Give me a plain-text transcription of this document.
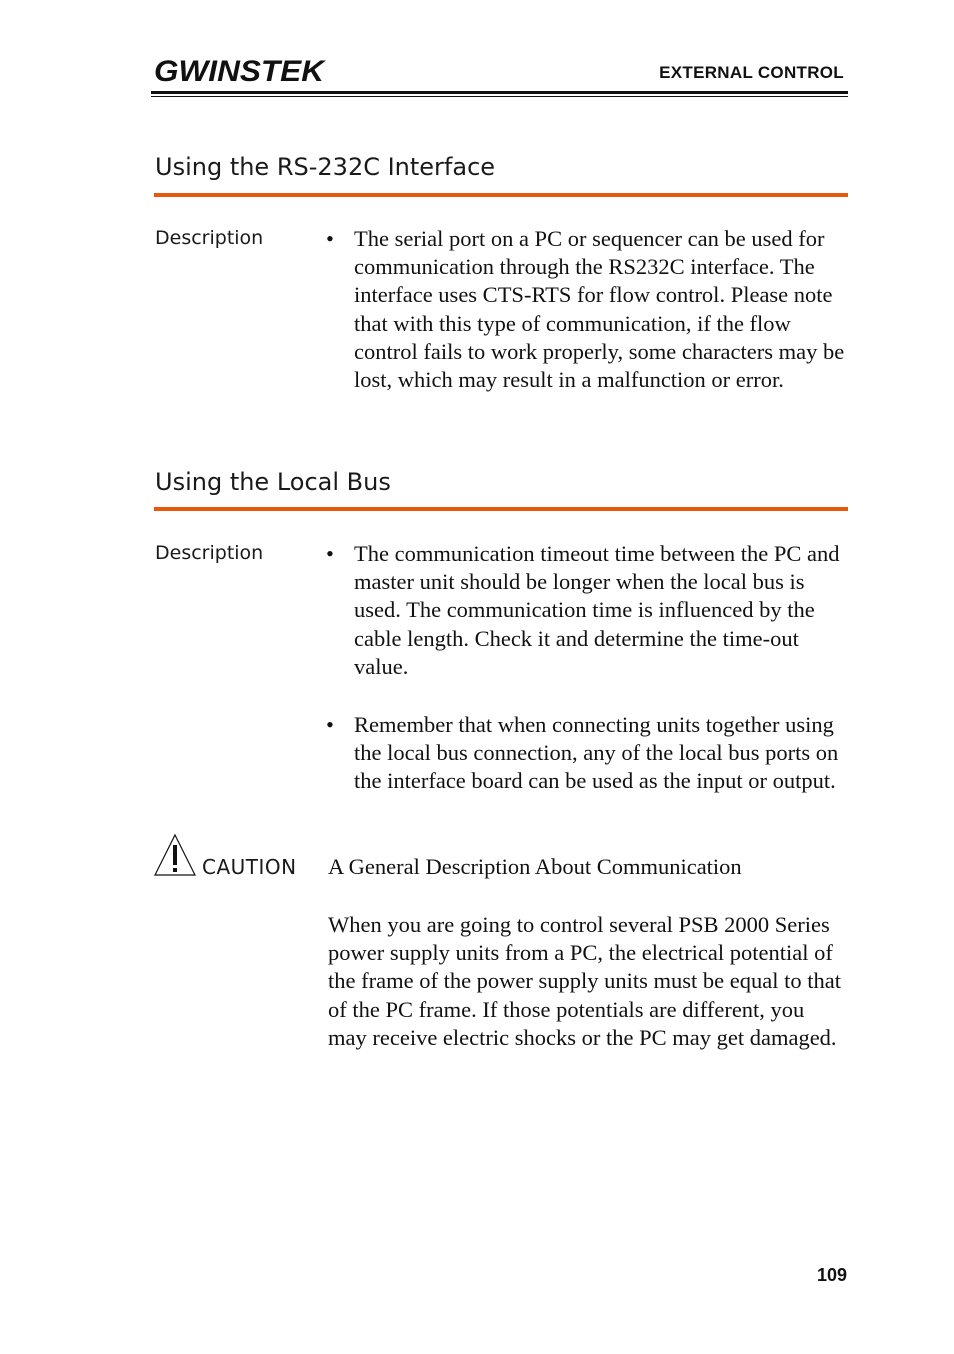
GWINSTEK	EXTERNAL CONTROL
Using the RS-232C Interface
Description	• The serial port on a PC or sequencer can be used for communication through the RS232C interface. The interface uses CTS-RTS for flow control. Please note that with this type of communication, if the flow control fails to work properly, some characters may be lost, which may result in a malfunction or error.
Using the Local Bus
Description	• The communication timeout time between the PC and master unit should be longer when the local bus is used. The communication time is influenced by the cable length. Check it and determine the time-out value.
• Remember that when connecting units together using the local bus connection, any of the local bus ports on the interface board can be used as the input or output.
CAUTION A General Description About Communication
When you are going to control several PSB 2000 Series power supply units from a PC, the electrical potential of the frame of the power supply units must be equal to that of the PC frame. If those potentials are different, you may receive electric shocks or the PC may get damaged.
109
